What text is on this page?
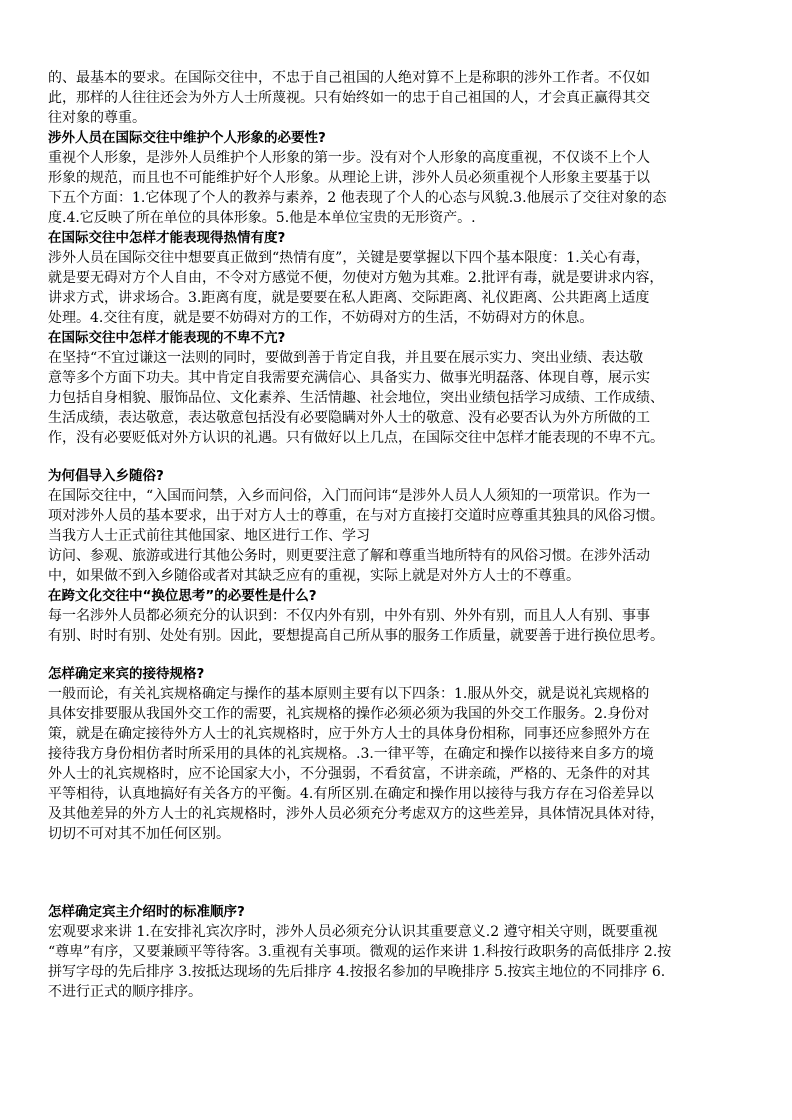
的、最基本的要求。在国际交往中，不忠于自己祖国的人绝对算不上是称职的涉外工作者。不仅如
此，那样的人往往还会为外方人士所蔑视。只有始终如一的忠于自己祖国的人，才会真正赢得其交
往对象的尊重。

涉外人员在国际交往中维护个人形象的必要性?

重视个人形象，是涉外人员维护个人形象的第一步。没有对个人形象的高度重视，不仅谈不上个人
形象的规范，而且也不可能维护好个人形象。从理论上讲，涉外人员必须重视个人形象主要基于以
下五个方面：1.它体现了个人的教养与素养，2 他表现了个人的心态与风貌.3.他展示了交往对象的态
度.4.它反映了所在单位的具体形象。5.他是本单位宝贵的无形资产。.

在国际交往中怎样才能表现得热情有度?

涉外人员在国际交往中想要真正做到“热情有度”，关键是要掌握以下四个基本限度：1.关心有毒，
就是要无碍对方个人自由，不令对方感觉不便，勿使对方勉为其难。2.批评有毒，就是要讲求内容，
讲求方式，讲求场合。3.距离有度，就是要要在私人距离、交际距离、礼仪距离、公共距离上适度
处理。4.交往有度，就是要不妨碍对方的工作，不妨碍对方的生活，不妨碍对方的休息。

在国际交往中怎样才能表现的不卑不亢?

在坚持“不宜过谦这一法则的同时，要做到善于肯定自我，并且要在展示实力、突出业绩、表达敬
意等多个方面下功夫。其中肯定自我需要充满信心、具备实力、做事光明磊落、体现自尊，展示实
力包括自身相貌、服饰品位、文化素养、生活情趣、社会地位，突出业绩包括学习成绩、工作成绩、
生活成绩，表达敬意，表达敬意包括没有必要隐瞒对外人士的敬意、没有必要否认为外方所做的工
作，没有必要贬低对外方认识的礼遇。只有做好以上几点，在国际交往中怎样才能表现的不卑不亢。

为何倡导入乡随俗?

在国际交往中，“入国而问禁，入乡而问俗，入门而问讳“是涉外人员人人须知的一项常识。作为一
项对涉外人员的基本要求，出于对方人士的尊重，在与对方直接打交道时应尊重其独具的风俗习惯。
当我方人士正式前往其他国家、地区进行工作、学习
访问、参观、旅游或进行其他公务时，则更要注意了解和尊重当地所特有的风俗习惯。在涉外活动
中，如果做不到入乡随俗或者对其缺乏应有的重视，实际上就是对外方人士的不尊重。

在跨文化交往中“换位思考”的必要性是什么?

每一名涉外人员都必须充分的认识到：不仅内外有别，中外有别、外外有别，而且人人有别、事事
有别、时时有别、处处有别。因此，要想提高自己所从事的服务工作质量，就要善于进行换位思考。

怎样确定来宾的接待规格?

一般而论，有关礼宾规格确定与操作的基本原则主要有以下四条：1.服从外交，就是说礼宾规格的
具体安排要服从我国外交工作的需要，礼宾规格的操作必须必须为我国的外交工作服务。2.身份对
策，就是在确定接待外方人士的礼宾规格时，应于外方人士的具体身份相称，同事还应参照外方在
接待我方身份相仿者时所采用的具体的礼宾规格。.3.一律平等，在确定和操作以接待来自多方的境
外人士的礼宾规格时，应不论国家大小，不分强弱，不看贫富，不讲亲疏，严格的、无条件的对其
平等相待，认真地搞好有关各方的平衡。4.有所区别.在确定和操作用以接待与我方存在习俗差异以
及其他差异的外方人士的礼宾规格时，涉外人员必须充分考虑双方的这些差异，具体情况具体对待，
切切不可对其不加任何区别。

怎样确定宾主介绍时的标准顺序?

宏观要求来讲 1.在安排礼宾次序时，涉外人员必须充分认识其重要意义.2 遵守相关守则，既要重视
“尊卑”有序，又要兼顾平等待客。3.重视有关事项。微观的运作来讲 1.科按行政职务的高低排序 2.按
拼写字母的先后排序 3.按抵达现场的先后排序 4.按报名参加的早晚排序 5.按宾主地位的不同排序 6.
不进行正式的顺序排序。
